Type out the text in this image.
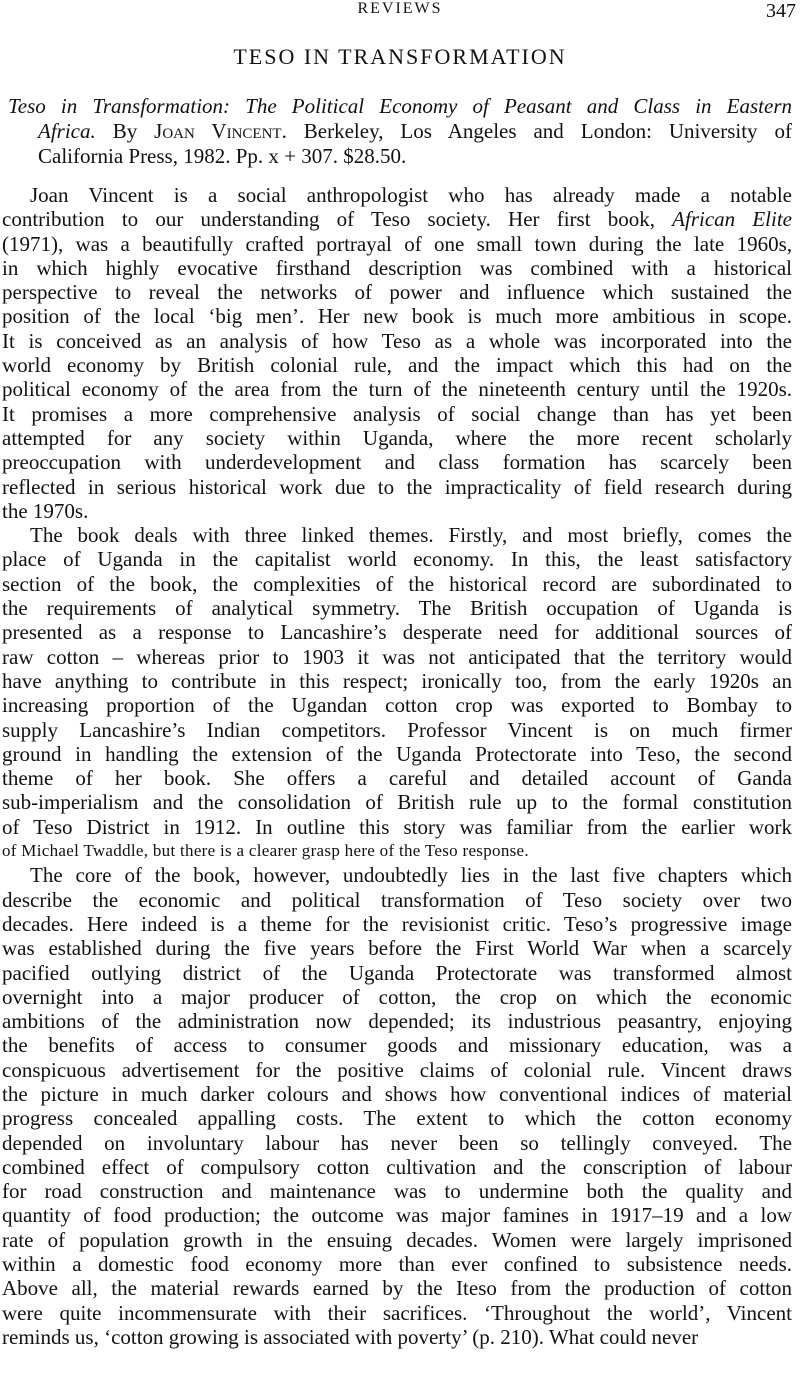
REVIEWS	347
TESO IN TRANSFORMATION
Teso in Transformation: The Political Economy of Peasant and Class in Eastern
Africa. By Joan Vincent. Berkeley, Los Angeles and London: University of
California Press, 1982. Pp. x + 307. $28.50.
Joan Vincent is a social anthropologist who has already made a notable
contribution to our understanding of Teso society. Her first book, African Elite
(1971), was a beautifully crafted portrayal of one small town during the late 1960s,
in which highly evocative firsthand description was combined with a historical
perspective to reveal the networks of power and influence which sustained the
position of the local ‘big men’. Her new book is much more ambitious in scope.
It is conceived as an analysis of how Teso as a whole was incorporated into the
world economy by British colonial rule, and the impact which this had on the
political economy of the area from the turn of the nineteenth century until the 1920s.
It promises a more comprehensive analysis of social change than has yet been
attempted for any society within Uganda, where the more recent scholarly
preoccupation with underdevelopment and class formation has scarcely been
reflected in serious historical work due to the impracticality of field research during
the 1970s.
The book deals with three linked themes. Firstly, and most briefly, comes the
place of Uganda in the capitalist world economy. In this, the least satisfactory
section of the book, the complexities of the historical record are subordinated to
the requirements of analytical symmetry. The British occupation of Uganda is
presented as a response to Lancashire’s desperate need for additional sources of
raw cotton – whereas prior to 1903 it was not anticipated that the territory would
have anything to contribute in this respect; ironically too, from the early 1920s an
increasing proportion of the Ugandan cotton crop was exported to Bombay to
supply Lancashire’s Indian competitors. Professor Vincent is on much firmer
ground in handling the extension of the Uganda Protectorate into Teso, the second
theme of her book. She offers a careful and detailed account of Ganda
sub-imperialism and the consolidation of British rule up to the formal constitution
of Teso District in 1912. In outline this story was familiar from the earlier work
of Michael Twaddle, but there is a clearer grasp here of the Teso response.
The core of the book, however, undoubtedly lies in the last five chapters which
describe the economic and political transformation of Teso society over two
decades. Here indeed is a theme for the revisionist critic. Teso’s progressive image
was established during the five years before the First World War when a scarcely
pacified outlying district of the Uganda Protectorate was transformed almost
overnight into a major producer of cotton, the crop on which the economic
ambitions of the administration now depended; its industrious peasantry, enjoying
the benefits of access to consumer goods and missionary education, was a
conspicuous advertisement for the positive claims of colonial rule. Vincent draws
the picture in much darker colours and shows how conventional indices of material
progress concealed appalling costs. The extent to which the cotton economy
depended on involuntary labour has never been so tellingly conveyed. The
combined effect of compulsory cotton cultivation and the conscription of labour
for road construction and maintenance was to undermine both the quality and
quantity of food production; the outcome was major famines in 1917–19 and a low
rate of population growth in the ensuing decades. Women were largely imprisoned
within a domestic food economy more than ever confined to subsistence needs.
Above all, the material rewards earned by the Iteso from the production of cotton
were quite incommensurate with their sacrifices. ‘Throughout the world’, Vincent
reminds us, ‘cotton growing is associated with poverty’ (p. 210). What could never
